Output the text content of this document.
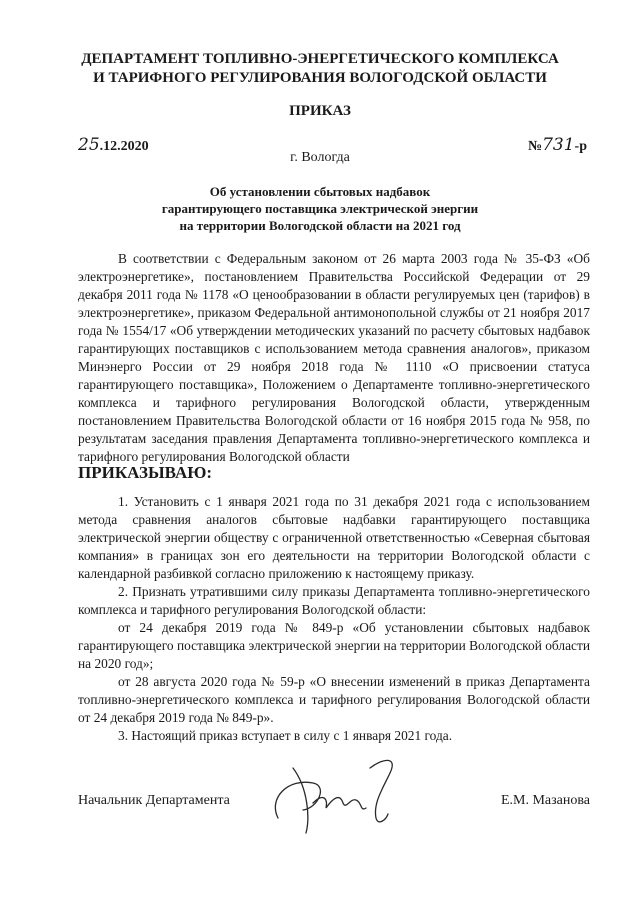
ДЕПАРТАМЕНТ ТОПЛИВНО-ЭНЕРГЕТИЧЕСКОГО КОМПЛЕКСА
И ТАРИФНОГО РЕГУЛИРОВАНИЯ ВОЛОГОДСКОЙ ОБЛАСТИ
ПРИКАЗ
25.12.2020	№731-р
г. Вологда
Об установлении сбытовых надбавок
гарантирующего поставщика электрической энергии
на территории Вологодской области на 2021 год
В соответствии с Федеральным законом от 26 марта 2003 года № 35-ФЗ «Об электроэнергетике», постановлением Правительства Российской Федерации от 29 декабря 2011 года № 1178 «О ценообразовании в области регулируемых цен (тарифов) в электроэнергетике», приказом Федеральной антимонопольной службы от 21 ноября 2017 года № 1554/17 «Об утверждении методических указаний по расчету сбытовых надбавок гарантирующих поставщиков с использованием метода сравнения аналогов», приказом Минэнерго России от 29 ноября 2018 года № 1110 «О присвоении статуса гарантирующего поставщика», Положением о Департаменте топливно-энергетического комплекса и тарифного регулирования Вологодской области, утвержденным постановлением Правительства Вологодской области от 16 ноября 2015 года № 958, по результатам заседания правления Департамента топливно-энергетического комплекса и тарифного регулирования Вологодской области
ПРИКАЗЫВАЮ:

1. Установить с 1 января 2021 года по 31 декабря 2021 года с использованием метода сравнения аналогов сбытовые надбавки гарантирующего поставщика электрической энергии обществу с ограниченной ответственностью «Северная сбытовая компания» в границах зон его деятельности на территории Вологодской области с календарной разбивкой согласно приложению к настоящему приказу.

2. Признать утратившими силу приказы Департамента топливно-энергетического комплекса и тарифного регулирования Вологодской области:

от 24 декабря 2019 года № 849-р «Об установлении сбытовых надбавок гарантирующего поставщика электрической энергии на территории Вологодской области на 2020 год»;

от 28 августа 2020 года № 59-р «О внесении изменений в приказ Департамента топливно-энергетического комплекса и тарифного регулирования Вологодской области от 24 декабря 2019 года № 849-р».

3. Настоящий приказ вступает в силу с 1 января 2021 года.

Начальник Департамента	Е.М. Мазанова
